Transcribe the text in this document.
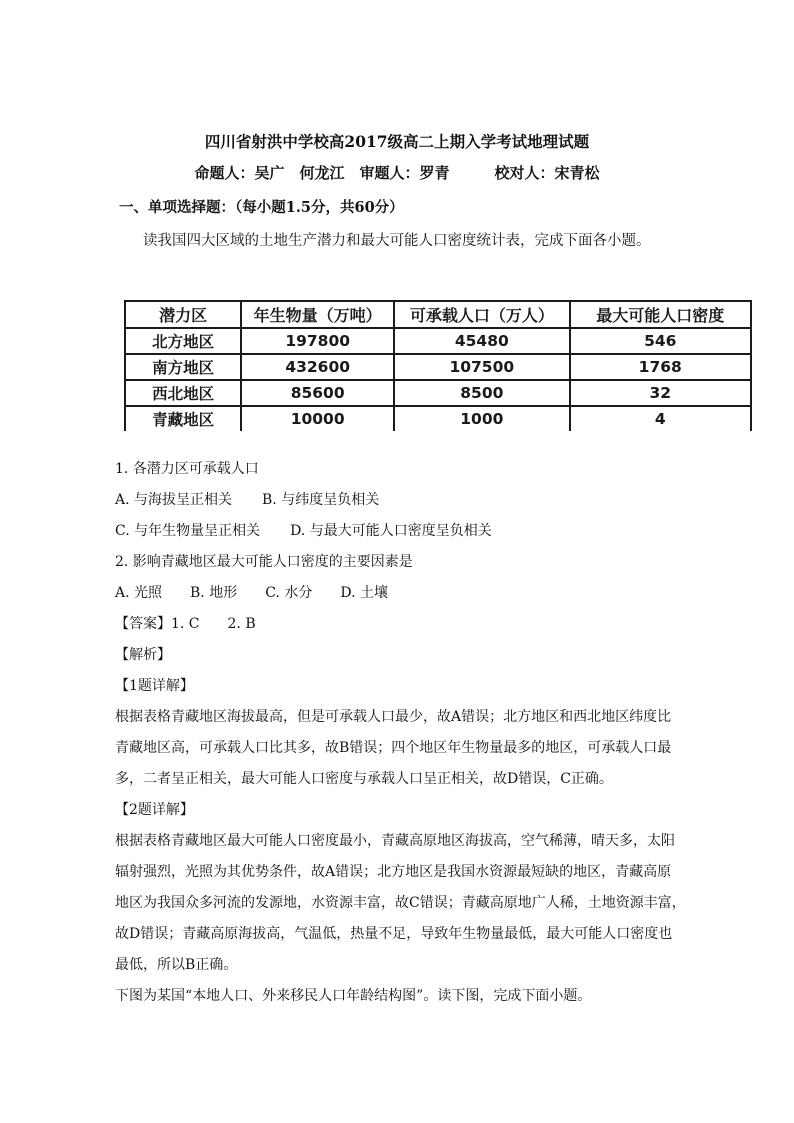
四川省射洪中学校高2017级高二上期入学考试地理试题
命题人：吴广　何龙江　审题人：罗青　　　校对人：宋青松
一、单项选择题：（每小题1.5分，共60分）
读我国四大区域的土地生产潜力和最大可能人口密度统计表，完成下面各小题。
潜力区	年生物量（万吨）	可承载人口（万人）	最大可能人口密度
北方地区	197800	45480	546
南方地区	432600	107500	1768
西北地区	85600	8500	32
青藏地区	10000	1000	4
1. 各潜力区可承载人口
A. 与海拔呈正相关 B. 与纬度呈负相关
C. 与年生物量呈正相关 D. 与最大可能人口密度呈负相关
2. 影响青藏地区最大可能人口密度的主要因素是
A. 光照 B. 地形 C. 水分 D. 土壤
【答案】1. C　　2. B
【解析】
【1题详解】
根据表格青藏地区海拔最高，但是可承载人口最少，故A错误；北方地区和西北地区纬度比
青藏地区高，可承载人口比其多，故B错误；四个地区年生物量最多的地区，可承载人口最
多，二者呈正相关，最大可能人口密度与承载人口呈正相关，故D错误，C正确。
【2题详解】
根据表格青藏地区最大可能人口密度最小，青藏高原地区海拔高，空气稀薄，晴天多，太阳
辐射强烈，光照为其优势条件，故A错误；北方地区是我国水资源最短缺的地区，青藏高原
地区为我国众多河流的发源地，水资源丰富，故C错误；青藏高原地广人稀，土地资源丰富，
故D错误；青藏高原海拔高，气温低，热量不足，导致年生物量最低，最大可能人口密度也
最低，所以B正确。
下图为某国“本地人口、外来移民人口年龄结构图”。读下图，完成下面小题。
